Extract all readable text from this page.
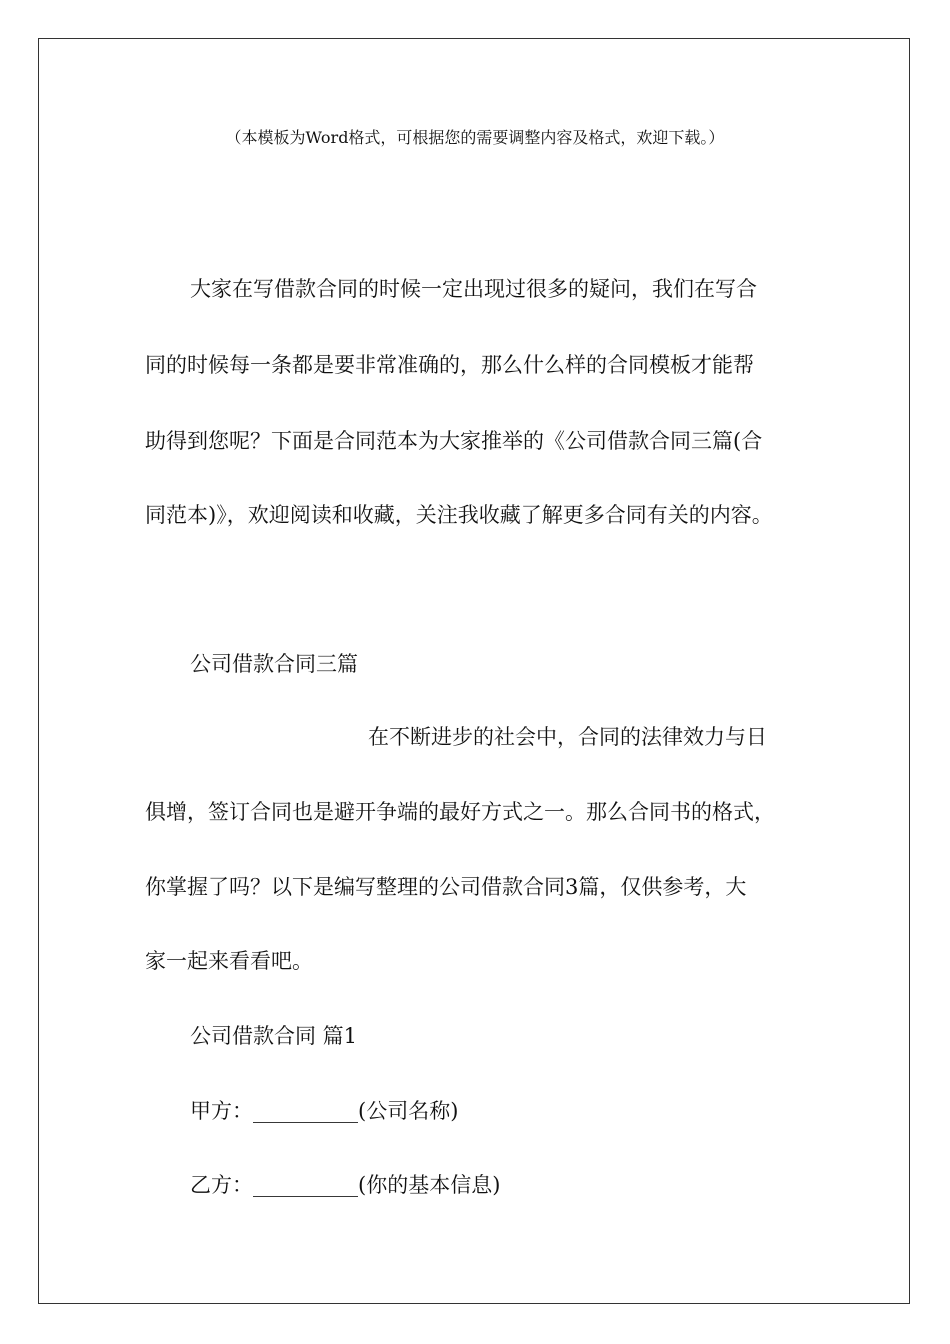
（本模板为Word格式，可根据您的需要调整内容及格式，欢迎下载。）
大家在写借款合同的时候一定出现过很多的疑问，我们在写合
同的时候每一条都是要非常准确的，那么什么样的合同模板才能帮
助得到您呢？下面是合同范本为大家推举的《公司借款合同三篇(合
同范本)》，欢迎阅读和收藏，关注我收藏了解更多合同有关的内容。
公司借款合同三篇
在不断进步的社会中，合同的法律效力与日
俱增，签订合同也是避开争端的最好方式之一。那么合同书的格式，
你掌握了吗？以下是编写整理的公司借款合同3篇，仅供参考，大
家一起来看看吧。
公司借款合同 篇1
甲方：__________(公司名称)
乙方：__________(你的基本信息)
